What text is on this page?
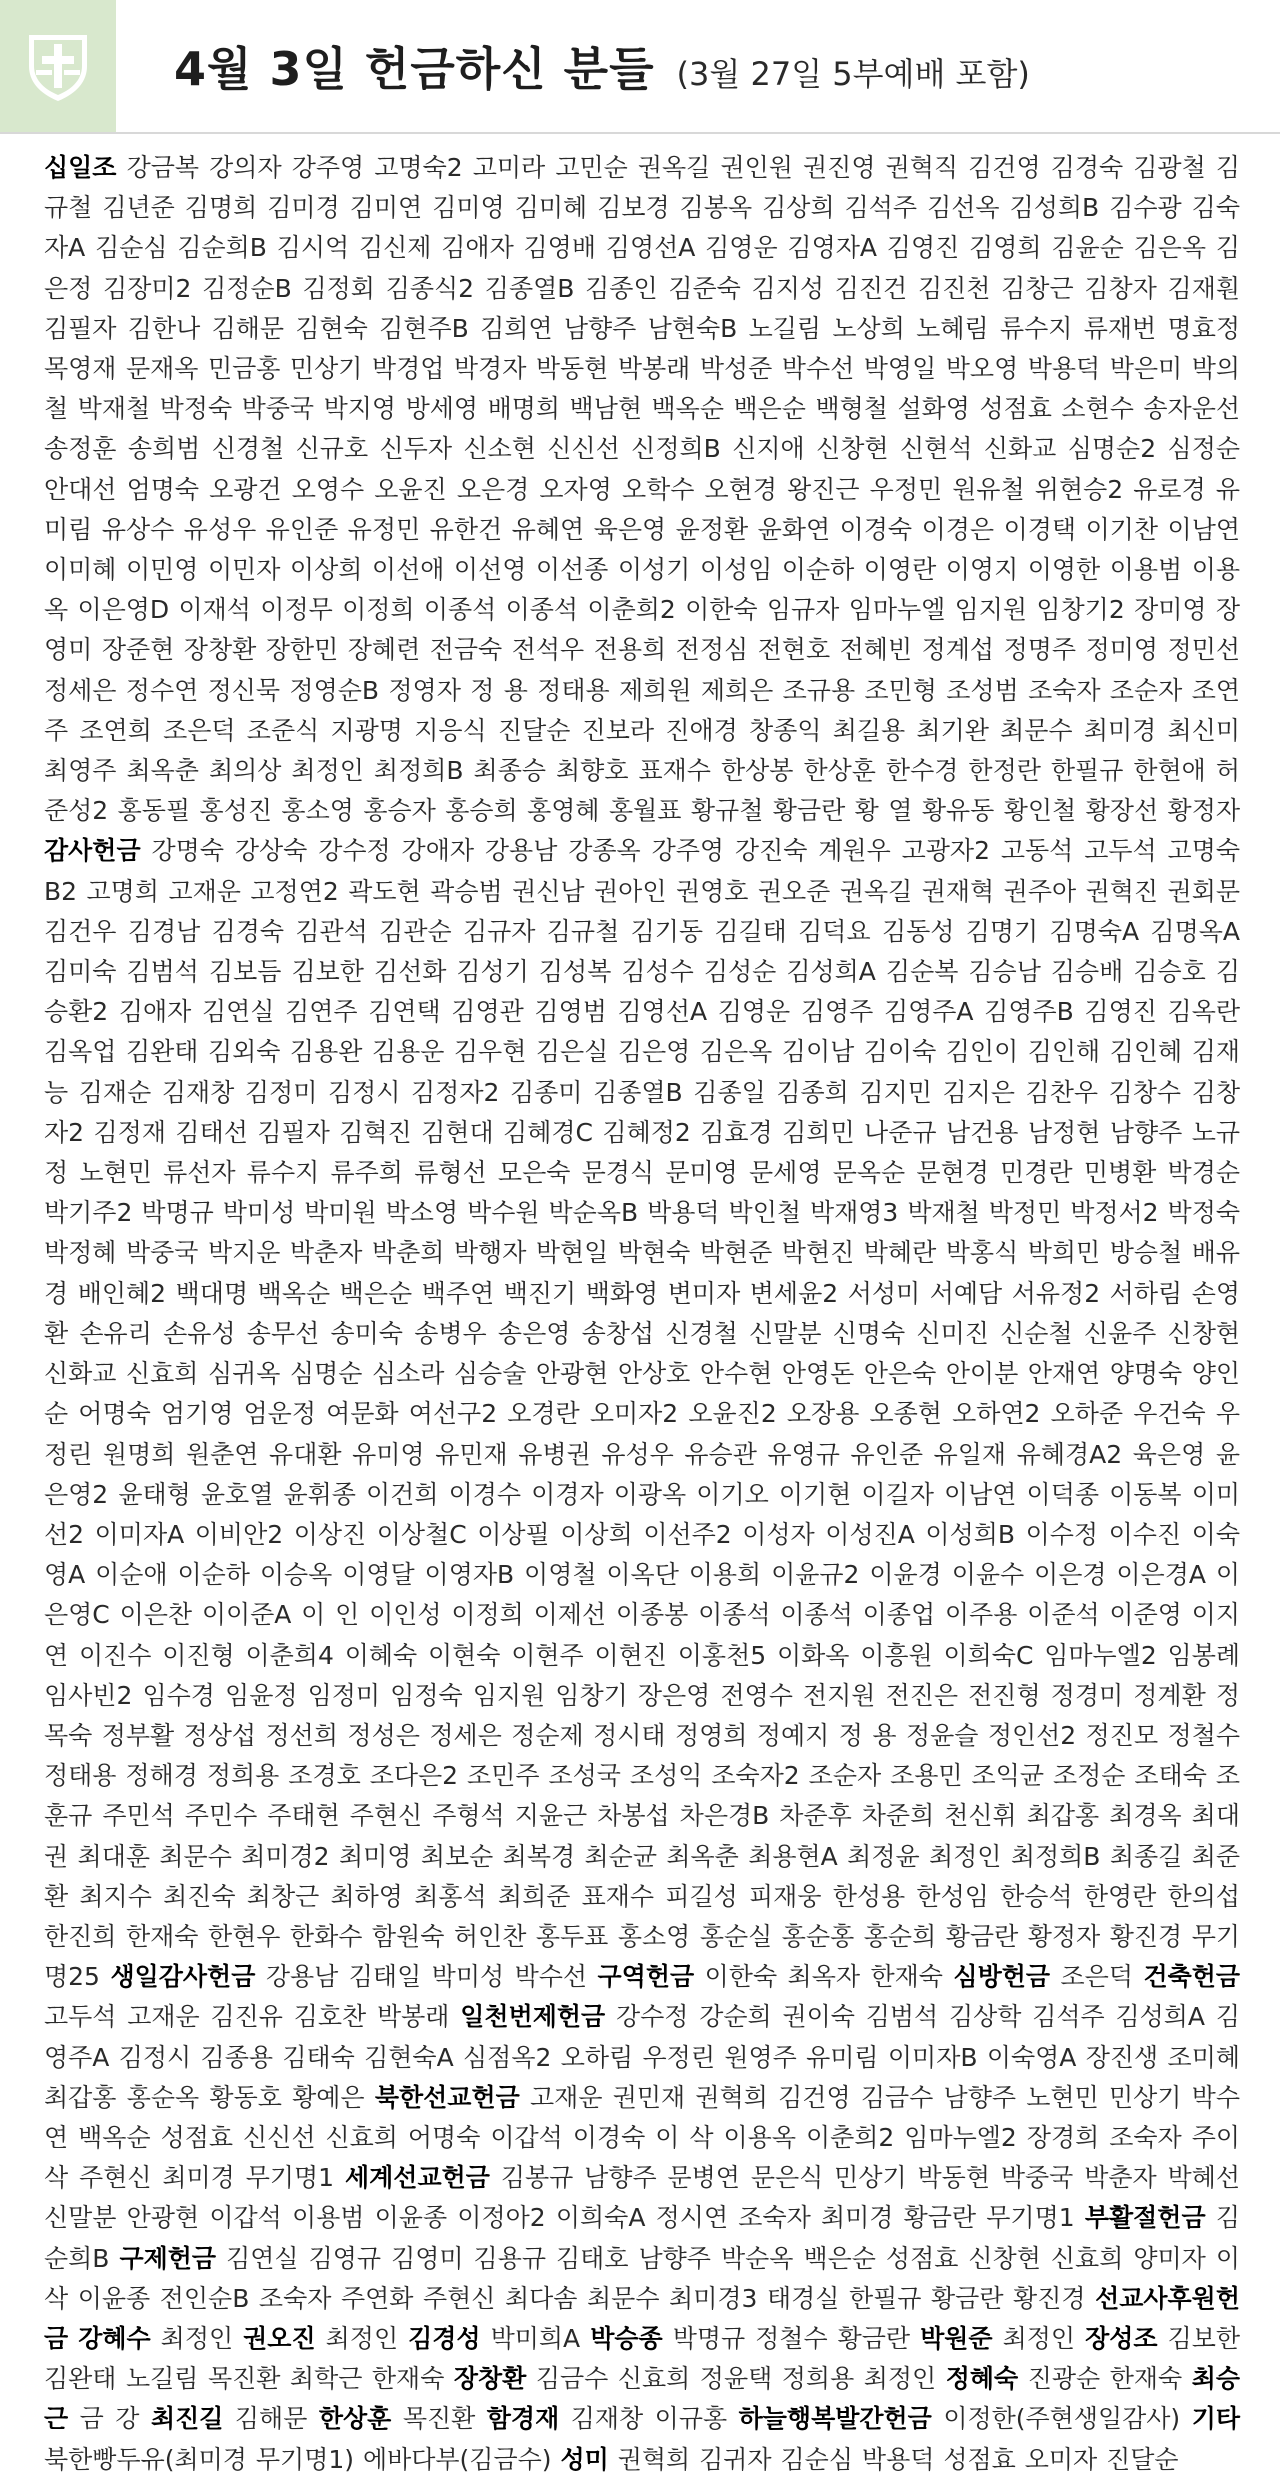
4월 3일 헌금하신 분들 (3월 27일 5부예배 포함)

십일조 강금복 강의자 강주영 고명숙2 고미라 고민순 권옥길 권인원 권진영 권혁직 김건영 김경숙 김광철 김규철 김년준 김명희 김미경 김미연 김미영 김미혜 김보경 김봉옥 김상희 김석주 김선옥 김성희B 김수광 김숙자A 김순심 김순희B 김시억 김신제 김애자 김영배 김영선A 김영운 김영자A 김영진 김영희 김윤순 김은옥 김은정 김장미2 김정순B 김정회 김종식2 김종열B 김종인 김준숙 김지성 김진건 김진천 김창근 김창자 김재훤 김필자 김한나 김해문 김현숙 김현주B 김희연 남향주 남현숙B 노길림 노상희 노혜림 류수지 류재번 명효정 목영재 문재옥 민금홍 민상기 박경업 박경자 박동현 박봉래 박성준 박수선 박영일 박오영 박용덕 박은미 박의철 박재철 박정숙 박중국 박지영 방세영 배명희 백남현 백옥순 백은순 백형철 설화영 성점효 소현수 송자운선 송정훈 송희범 신경철 신규호 신두자 신소현 신신선 신정희B 신지애 신창현 신현석 신화교 심명순2 심정순 안대선 엄명숙 오광건 오영수 오윤진 오은경 오자영 오학수 오현경 왕진근 우정민 원유철 위현승2 유로경 유미림 유상수 유성우 유인준 유정민 유한건 유혜연 육은영 윤정환 윤화연 이경숙 이경은 이경택 이기찬 이남연 이미혜 이민영 이민자 이상희 이선애 이선영 이선종 이성기 이성임 이순하 이영란 이영지 이영한 이용범 이용옥 이은영D 이재석 이정무 이정희 이종석 이종석 이춘희2 이한숙 임규자 임마누엘 임지원 임창기2 장미영 장영미 장준현 장창환 장한민 장혜련 전금숙 전석우 전용희 전정심 전현호 전혜빈 정계섭 정명주 정미영 정민선 정세은 정수연 정신묵 정영순B 정영자 정 용 정태용 제희원 제희은 조규용 조민형 조성범 조숙자 조순자 조연주 조연희 조은덕 조준식 지광명 지응식 진달순 진보라 진애경 창종익 최길용 최기완 최문수 최미경 최신미 최영주 최옥춘 최의상 최정인 최정희B 최종승 최향호 표재수 한상봉 한상훈 한수경 한정란 한필규 한현애 허준성2 홍동필 홍성진 홍소영 홍승자 홍승희 홍영혜 홍월표 황규철 황금란 황 열 황유동 황인철 황장선 황정자 감사헌금 강명숙 강상숙 강수정 강애자 강용남 강종옥 강주영 강진숙 계원우 고광자2 고동석 고두석 고명숙B2 고명희 고재운 고정연2 곽도현 곽승범 권신남 권아인 권영호 권오준 권옥길 권재혁 권주아 권혁진 권회문 김건우 김경남 김경숙 김관석 김관순 김규자 김규철 김기동 김길태 김덕요 김동성 김명기 김명숙A 김명옥A 김미숙 김범석 김보듬 김보한 김선화 김성기 김성복 김성수 김성순 김성희A 김순복 김승남 김승배 김승호 김승환2 김애자 김연실 김연주 김연택 김영관 김영범 김영선A 김영운 김영주 김영주A 김영주B 김영진 김옥란 김옥업 김완태 김외숙 김용완 김용운 김우현 김은실 김은영 김은옥 김이남 김이숙 김인이 김인해 김인혜 김재능 김재순 김재창 김정미 김정시 김정자2 김종미 김종열B 김종일 김종희 김지민 김지은 김찬우 김창수 김창자2 김정재 김태선 김필자 김혁진 김현대 김혜경C 김혜정2 김효경 김희민 나준규 남건용 남정현 남향주 노규정 노현민 류선자 류수지 류주희 류형선 모은숙 문경식 문미영 문세영 문옥순 문현경 민경란 민병환 박경순 박기주2 박명규 박미성 박미원 박소영 박수원 박순옥B 박용덕 박인철 박재영3 박재철 박정민 박정서2 박정숙 박정혜 박중국 박지운 박춘자 박춘희 박행자 박현일 박현숙 박현준 박현진 박혜란 박홍식 박희민 방승철 배유경 배인혜2 백대명 백옥순 백은순 백주연 백진기 백화영 변미자 변세윤2 서성미 서예담 서유정2 서하림 손영환 손유리 손유성 송무선 송미숙 송병우 송은영 송창섭 신경철 신말분 신명숙 신미진 신순철 신윤주 신창현 신화교 신효희 심귀옥 심명순 심소라 심승술 안광현 안상호 안수현 안영돈 안은숙 안이분 안재연 양명숙 양인순 어명숙 엄기영 엄운정 여문화 여선구2 오경란 오미자2 오윤진2 오장용 오종현 오하연2 오하준 우건숙 우정린 원명희 원춘연 유대환 유미영 유민재 유병권 유성우 유승관 유영규 유인준 유일재 유혜경A2 육은영 윤은영2 윤태형 윤호열 윤휘종 이건희 이경수 이경자 이광옥 이기오 이기현 이길자 이남연 이덕종 이동복 이미선2 이미자A 이비안2 이상진 이상철C 이상필 이상희 이선주2 이성자 이성진A 이성희B 이수정 이수진 이숙영A 이순애 이순하 이승옥 이영달 이영자B 이영철 이옥단 이용희 이윤규2 이윤경 이윤수 이은경 이은경A 이은영C 이은찬 이이준A 이 인 이인성 이정희 이제선 이종봉 이종석 이종석 이종업 이주용 이준석 이준영 이지연 이진수 이진형 이춘희4 이혜숙 이현숙 이현주 이현진 이홍천5 이화옥 이흥원 이희숙C 임마누엘2 임봉례 임사빈2 임수경 임윤정 임정미 임정숙 임지원 임창기 장은영 전영수 전지원 전진은 전진형 정경미 정계환 정목숙 정부활 정상섭 정선희 정성은 정세은 정순제 정시태 정영희 정예지 정 용 정윤슬 정인선2 정진모 정철수 정태용 정해경 정희용 조경호 조다은2 조민주 조성국 조성익 조숙자2 조순자 조용민 조익균 조정순 조태숙 조훈규 주민석 주민수 주태현 주현신 주형석 지윤근 차봉섭 차은경B 차준후 차준희 천신휘 최갑홍 최경옥 최대권 최대훈 최문수 최미경2 최미영 최보순 최복경 최순균 최옥춘 최용현A 최정윤 최정인 최정희B 최종길 최준환 최지수 최진숙 최창근 최하영 최홍석 최희준 표재수 피길성 피재웅 한성용 한성임 한승석 한영란 한의섭 한진희 한재숙 한현우 한화수 함원숙 허인찬 홍두표 홍소영 홍순실 홍순홍 홍순희 황금란 황정자 황진경 무기명25 생일감사헌금 강용남 김태일 박미성 박수선 구역헌금 이한숙 최옥자 한재숙 심방헌금 조은덕 건축헌금 고두석 고재운 김진유 김호찬 박봉래 일천번제헌금 강수정 강순희 권이숙 김범석 김상학 김석주 김성희A 김영주A 김정시 김종용 김태숙 김현숙A 심점옥2 오하림 우정린 원영주 유미림 이미자B 이숙영A 장진생 조미혜 최갑홍 홍순옥 황동호 황예은 북한선교헌금 고재운 권민재 권혁희 김건영 김금수 남향주 노현민 민상기 박수연 백옥순 성점효 신신선 신효희 어명숙 이갑석 이경숙 이 삭 이용옥 이춘희2 임마누엘2 장경희 조숙자 주이삭 주현신 최미경 무기명1 세계선교헌금 김봉규 남향주 문병연 문은식 민상기 박동현 박중국 박춘자 박혜선 신말분 안광현 이갑석 이용범 이윤종 이정아2 이희숙A 정시연 조숙자 최미경 황금란 무기명1 부활절헌금 김순희B 구제헌금 김연실 김영규 김영미 김용규 김태호 남향주 박순옥 백은순 성점효 신창현 신효희 양미자 이 삭 이윤종 전인순B 조숙자 주연화 주현신 최다솜 최문수 최미경3 태경실 한필규 황금란 황진경 선교사후원헌금 강혜수 최정인 권오진 최정인 김경성 박미희A 박승종 박명규 정철수 황금란 박원준 최정인 장성조 김보한 김완태 노길림 목진환 최학근 한재숙 장창환 김금수 신효희 정윤택 정희용 최정인 정혜숙 진광순 한재숙 최승근 금 강 최진길 김해문 한상훈 목진환 함경재 김재창 이규홍 하늘행복발간헌금 이정한(주현생일감사) 기타 북한빵두유(최미경 무기명1) 에바다부(김금수) 성미 권혁희 김귀자 김순심 박용덕 성점효 오미자 진달순
